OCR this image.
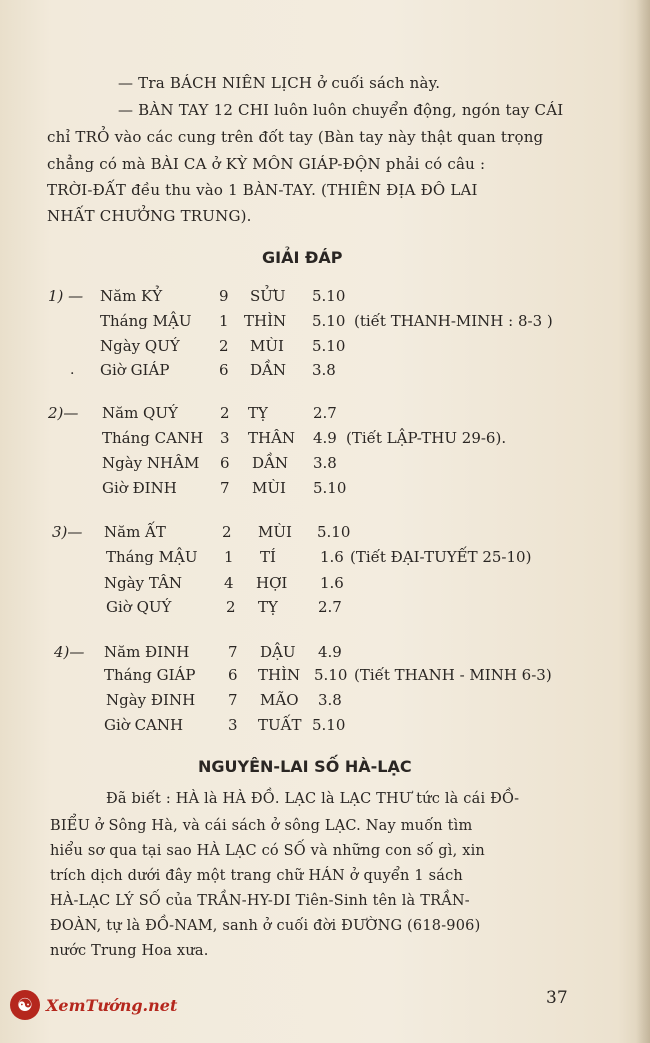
— Tra BÁCH NIÊN LỊCH ở cuối sách này.
— BÀN TAY 12 CHI luôn luôn chuyển động, ngón tay CÁI
chỉ TRỎ vào các cung trên đốt tay (Bàn tay này thật quan trọng
chẳng có mà BÀI CA ở KỲ MÔN GIÁP-ĐỘN phải có câu :
TRỜI-ĐẤT đều thu vào 1 BÀN-TAY. (THIÊN ĐỊA ĐÔ LAI
NHẤT CHƯỞNG TRUNG).
GIẢI ĐÁP
1) — Năm KỶ	9 SỬU 5.10
Tháng MẬU 1 THÌN 5.10 (tiết THANH-MINH : 8-3 )
Ngày QUÝ	2 MÙI 5.10
. Giờ GIÁP	6 DẦN 3.8
2)— Năm QUÝ	2 TỴ	2.7
Tháng CANH 3 THÂN 4.9 (Tiết LẬP-THU 29-6).
Ngày NHÂM 6 DẦN 3.8
Giờ ĐINH	7 MÙI 5.10
3)— Năm ẤT	2 MÙI 5.10
Tháng MẬU 1 TÍ	1.6 (Tiết ĐẠI-TUYẾT 25-10)
Ngày TÂN	4 HỢI 1.6
Giờ QUÝ	2 TỴ	2.7
4)— Năm ĐINH	7 DẬU 4.9
Tháng GIÁP 6 THÌN 5.10 (Tiết THANH - MINH 6-3)
Ngày ĐINH 7 MÃO 3.8
Giờ CANH	3 TUẤT 5.10
NGUYÊN-LAI SỐ HÀ-LẠC
Đã biết : HÀ là HÀ ĐỒ. LẠC là LẠC THƯ tức là cái ĐỒ-
BIỂU ở Sông Hà, và cái sách ở sông LẠC. Nay muốn tìm
hiểu sơ qua tại sao HÀ LẠC có SỐ và những con số gì, xin
trích dịch dưới đây một trang chữ HÁN ở quyển 1 sách
HÀ-LẠC LÝ SỐ của TRẦN-HY-DI Tiên-Sinh tên là TRẦN-
ĐOÀN, tự là ĐỒ-NAM, sanh ở cuối đời ĐƯỜNG (618-906)
nước Trung Hoa xưa.
37
☯ XemTướng.net
